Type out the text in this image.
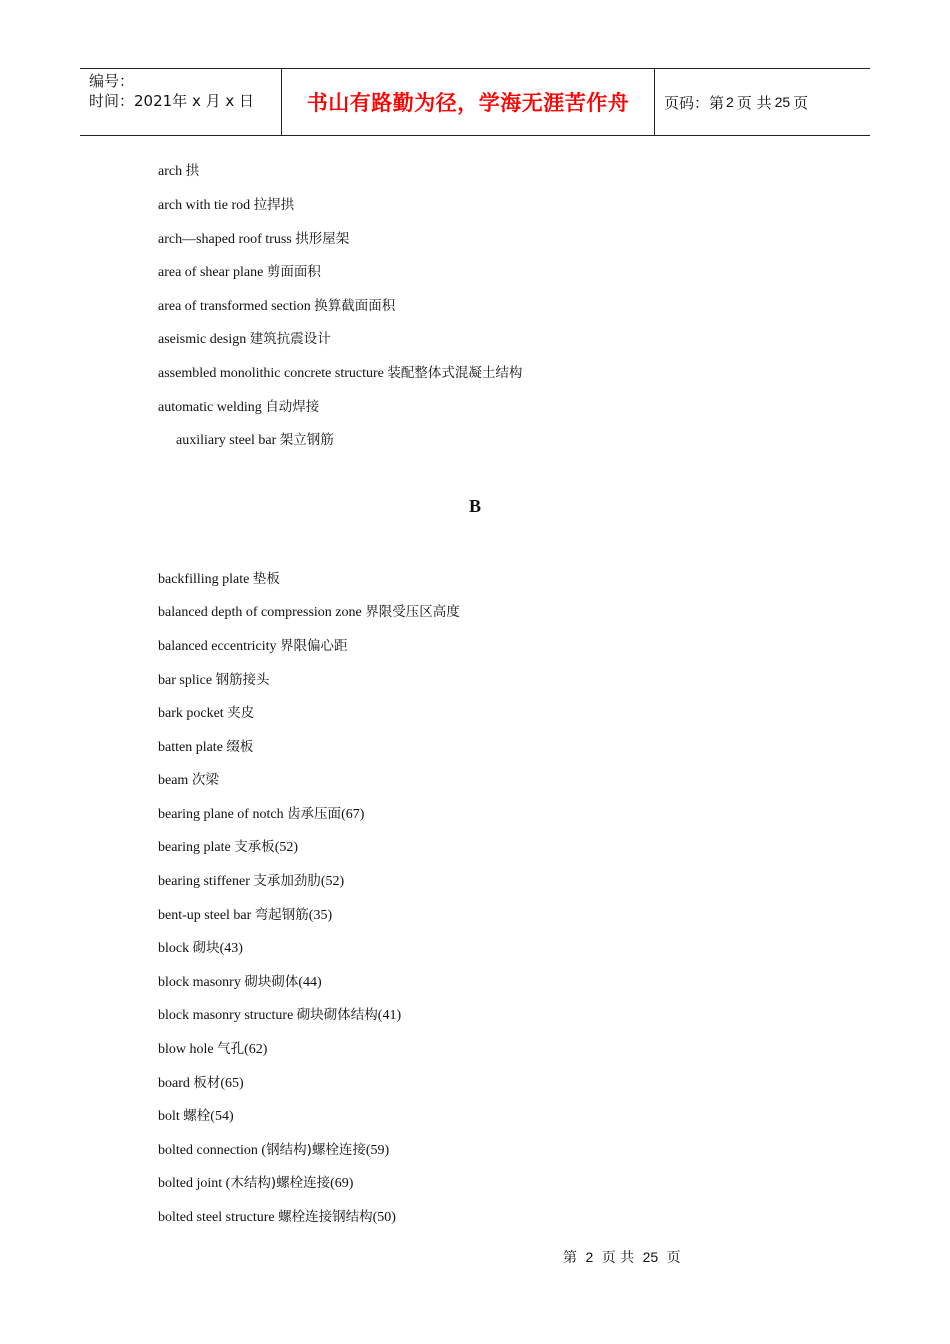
编号：
时间：2021年 x 月 x 日	书山有路勤为径，学海无涯苦作舟	页码：第 2 页 共 25 页
arch 拱
arch with tie rod 拉捍拱
arch—shaped roof truss 拱形屋架
area of shear plane 剪面面积
area of transformed section 换算截面面积
aseismic design 建筑抗震设计
assembled monolithic concrete structure 装配整体式混凝土结构
automatic welding 自动焊接
auxiliary steel bar 架立钢筋
backfilling plate 垫板
balanced depth of compression zone 界限受压区高度
balanced eccentricity 界限偏心距
bar splice 钢筋接头
bark pocket 夹皮
batten plate 缀板
beam 次梁
bearing plane of notch 齿承压面(67)
bearing plate 支承板(52)
bearing stiffener 支承加劲肋(52)
bent-up steel bar 弯起钢筋(35)
block 砌块(43)
block masonry 砌块砌体(44)
block masonry structure 砌块砌体结构(41)
blow hole 气孔(62)
board 板材(65)
bolt 螺栓(54)
bolted connection (钢结构)螺栓连接(59)
bolted joint (木结构)螺栓连接(69)
bolted steel structure 螺栓连接钢结构(50)
B
第 2 页 共 25 页
